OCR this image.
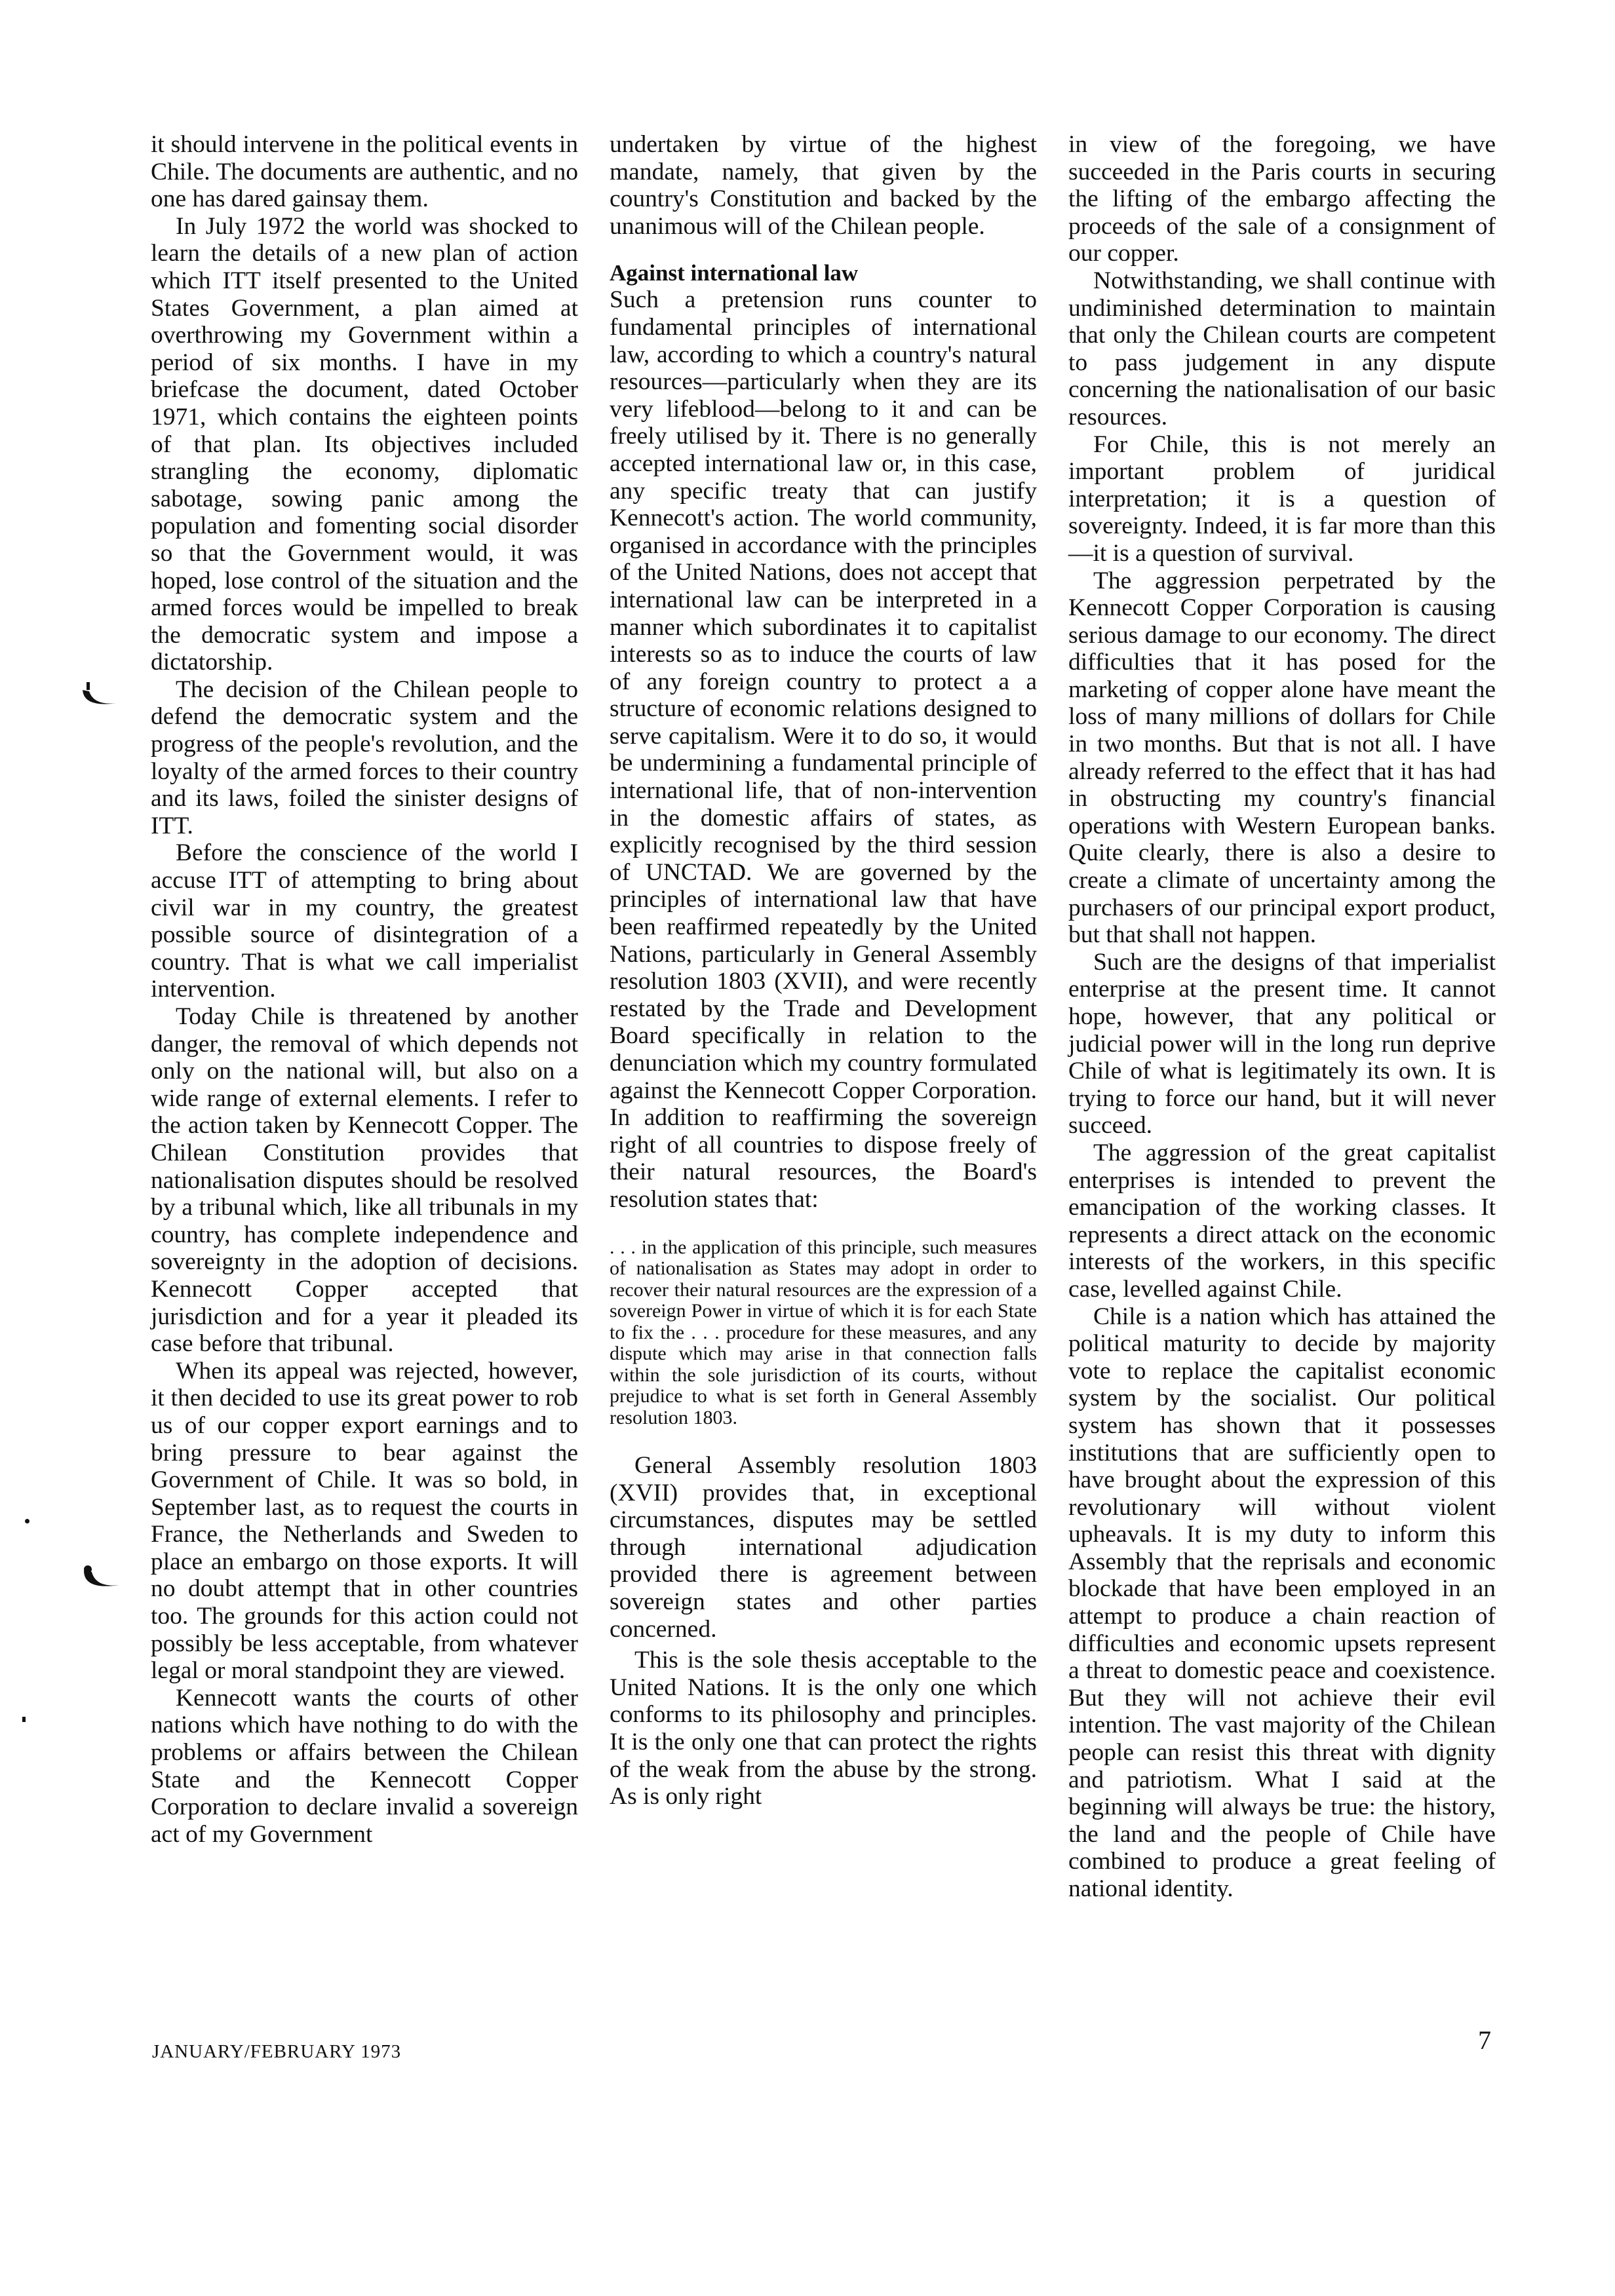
it should intervene in the political events in Chile. The documents are authentic, and no one has dared gainsay them.

In July 1972 the world was shocked to learn the details of a new plan of action which ITT itself presented to the United States Government, a plan aimed at overthrowing my Government within a period of six months. I have in my briefcase the document, dated October 1971, which contains the eighteen points of that plan. Its objectives included strangling the economy, diplomatic sabotage, sowing panic among the population and fomenting social disorder so that the Government would, it was hoped, lose control of the situation and the armed forces would be impelled to break the democratic system and impose a dictatorship.

The decision of the Chilean people to defend the democratic system and the progress of the people's revolution, and the loyalty of the armed forces to their country and its laws, foiled the sinister designs of ITT.

Before the conscience of the world I accuse ITT of attempting to bring about civil war in my country, the greatest possible source of disintegration of a country. That is what we call imperialist intervention.

Today Chile is threatened by another danger, the removal of which depends not only on the national will, but also on a wide range of external elements. I refer to the action taken by Kennecott Copper. The Chilean Constitution provides that nationalisation disputes should be resolved by a tribunal which, like all tribunals in my country, has complete independence and sovereignty in the adoption of decisions. Kennecott Copper accepted that jurisdiction and for a year it pleaded its case before that tribunal.

When its appeal was rejected, however, it then decided to use its great power to rob us of our copper export earnings and to bring pressure to bear against the Government of Chile. It was so bold, in September last, as to request the courts in France, the Netherlands and Sweden to place an embargo on those exports. It will no doubt attempt that in other countries too. The grounds for this action could not possibly be less acceptable, from whatever legal or moral standpoint they are viewed.

Kennecott wants the courts of other nations which have nothing to do with the problems or affairs between the Chilean State and the Kennecott Copper Corporation to declare invalid a sovereign act of my Government

undertaken by virtue of the highest mandate, namely, that given by the country's Constitution and backed by the unanimous will of the Chilean people.

Against international law

Such a pretension runs counter to fundamental principles of international law, according to which a country's natural resources—particularly when they are its very lifeblood—belong to it and can be freely utilised by it. There is no generally accepted international law or, in this case, any specific treaty that can justify Kennecott's action. The world community, organised in accordance with the principles of the United Nations, does not accept that international law can be interpreted in a manner which subordinates it to capitalist interests so as to induce the courts of law of any foreign country to protect a a structure of economic relations designed to serve capitalism. Were it to do so, it would be undermining a fundamental principle of international life, that of non-intervention in the domestic affairs of states, as explicitly recognised by the third session of UNCTAD. We are governed by the principles of international law that have been reaffirmed repeatedly by the United Nations, particularly in General Assembly resolution 1803 (XVII), and were recently restated by the Trade and Development Board specifically in relation to the denunciation which my country formulated against the Kennecott Copper Corporation. In addition to reaffirming the sovereign right of all countries to dispose freely of their natural resources, the Board's resolution states that:

. . . in the application of this principle, such measures of nationalisation as States may adopt in order to recover their natural resources are the expression of a sovereign Power in virtue of which it is for each State to fix the . . . procedure for these measures, and any dispute which may arise in that connection falls within the sole jurisdiction of its courts, without prejudice to what is set forth in General Assembly resolution 1803.

General Assembly resolution 1803 (XVII) provides that, in exceptional circumstances, disputes may be settled through international adjudication provided there is agreement between sovereign states and other parties concerned.

This is the sole thesis acceptable to the United Nations. It is the only one which conforms to its philosophy and principles. It is the only one that can protect the rights of the weak from the abuse by the strong. As is only right

in view of the foregoing, we have succeeded in the Paris courts in securing the lifting of the embargo affecting the proceeds of the sale of a consignment of our copper.

Notwithstanding, we shall continue with undiminished determination to maintain that only the Chilean courts are competent to pass judgement in any dispute concerning the nationalisation of our basic resources.

For Chile, this is not merely an important problem of juridical interpretation; it is a question of sovereignty. Indeed, it is far more than this—it is a question of survival.

The aggression perpetrated by the Kennecott Copper Corporation is causing serious damage to our economy. The direct difficulties that it has posed for the marketing of copper alone have meant the loss of many millions of dollars for Chile in two months. But that is not all. I have already referred to the effect that it has had in obstructing my country's financial operations with Western European banks. Quite clearly, there is also a desire to create a climate of uncertainty among the purchasers of our principal export product, but that shall not happen.

Such are the designs of that imperialist enterprise at the present time. It cannot hope, however, that any political or judicial power will in the long run deprive Chile of what is legitimately its own. It is trying to force our hand, but it will never succeed.

The aggression of the great capitalist enterprises is intended to prevent the emancipation of the working classes. It represents a direct attack on the economic interests of the workers, in this specific case, levelled against Chile.

Chile is a nation which has attained the political maturity to decide by majority vote to replace the capitalist economic system by the socialist. Our political system has shown that it possesses institutions that are sufficiently open to have brought about the expression of this revolutionary will without violent upheavals. It is my duty to inform this Assembly that the reprisals and economic blockade that have been employed in an attempt to produce a chain reaction of difficulties and economic upsets represent a threat to domestic peace and coexistence. But they will not achieve their evil intention. The vast majority of the Chilean people can resist this threat with dignity and patriotism. What I said at the beginning will always be true: the history, the land and the people of Chile have combined to produce a great feeling of national identity.

JANUARY/FEBRUARY 1973	7
